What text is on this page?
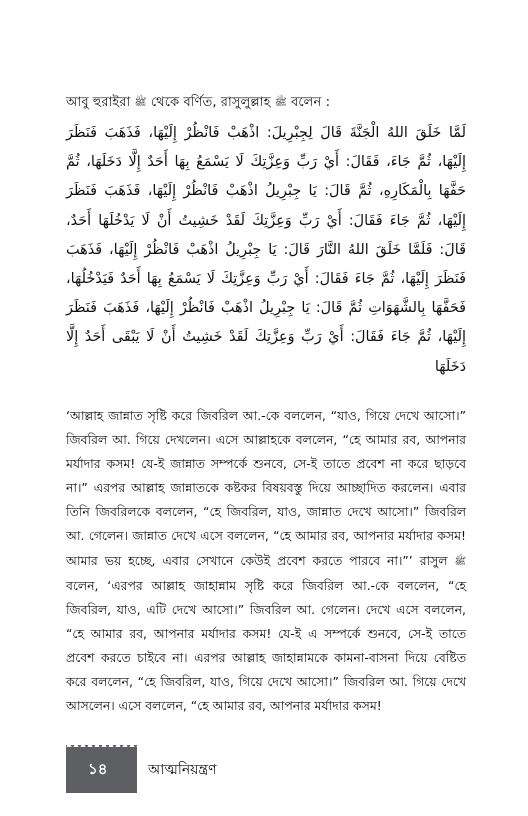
আবু হুরাইরা ﷺ থেকে বর্ণিত, রাসুলুল্লাহ ﷺ বলেন :
لَمَّا خَلَقَ اللهُ الْجَنَّةَ قَالَ لِجِبْرِيلَ: اذْهَبْ فَانْظُرْ إِلَيْهَا، فَذَهَبَ فَنَظَرَ إِلَيْهَا، ثُمَّ جَاءَ، فَقَالَ: أَيْ رَبِّ وَعِزَّتِكَ لَا يَسْمَعُ بِهَا أَحَدٌ إِلَّا دَخَلَهَا، ثُمَّ حَفَّهَا بِالْمَكَارِهِ، ثُمَّ قَالَ: يَا جِبْرِيلُ اذْهَبْ فَانْظُرْ إِلَيْهَا، فَذَهَبَ فَنَظَرَ إِلَيْهَا، ثُمَّ جَاءَ فَقَالَ: أَيْ رَبِّ وَعِزَّتِكَ لَقَدْ خَشِيتُ أَنْ لَا يَدْخُلَهَا أَحَدٌ، قَالَ: فَلَمَّا خَلَقَ اللهُ النَّارَ قَالَ: يَا جِبْرِيلُ اذْهَبْ فَانْظُرْ إِلَيْهَا، فَذَهَبَ فَنَظَرَ إِلَيْهَا، ثُمَّ جَاءَ فَقَالَ: أَيْ رَبِّ وَعِزَّتِكَ لَا يَسْمَعُ بِهَا أَحَدٌ فَيَدْخُلُهَا، فَحَفَّهَا بِالشَّهَوَاتِ ثُمَّ قَالَ: يَا جِبْرِيلُ اذْهَبْ فَانْظُرْ إِلَيْهَا، فَذَهَبَ فَنَظَرَ إِلَيْهَا، ثُمَّ جَاءَ فَقَالَ: أَيْ رَبِّ وَعِزَّتِكَ لَقَدْ خَشِيتُ أَنْ لَا يَبْقَى أَحَدٌ إِلَّا دَخَلَهَا
‘আল্লাহ জান্নাত সৃষ্টি করে জিবরিল আ.-কে বললেন, “যাও, গিয়ে দেখে আসো।” জিবরিল আ. গিয়ে দেখলেন। এসে আল্লাহকে বললেন, “হে আমার রব, আপনার মর্যাদার কসম! যে-ই জান্নাত সম্পর্কে শুনবে, সে-ই তাতে প্রবেশ না করে ছাড়বে না।” এরপর আল্লাহ জান্নাতকে কষ্টকর বিষয়বস্তু দিয়ে আচ্ছাদিত করলেন। এবার তিনি জিবরিলকে বললেন, “হে জিবরিল, যাও, জান্নাত দেখে আসো।” জিবরিল আ. গেলেন। জান্নাত দেখে এসে বললেন, “হে আমার রব, আপনার মর্যাদার কসম! আমার ভয় হচ্ছে, এবার সেখানে কেউই প্রবেশ করতে পারবে না।”’ রাসুল ﷺ বলেন, ‘এরপর আল্লাহ জাহান্নাম সৃষ্টি করে জিবরিল আ.-কে বললেন, “হে জিবরিল, যাও, এটি দেখে আসো।” জিবরিল আ. গেলেন। দেখে এসে বললেন, “হে আমার রব, আপনার মর্যাদার কসম! যে-ই এ সম্পর্কে শুনবে, সে-ই তাতে প্রবেশ করতে চাইবে না। এরপর আল্লাহ জাহান্নামকে কামনা-বাসনা দিয়ে বেষ্টিত করে বললেন, “হে জিবরিল, যাও, গিয়ে দেখে আসো।” জিবরিল আ. গিয়ে দেখে আসলেন। এসে বললেন, “হে আমার রব, আপনার মর্যাদার কসম!
১৪	আত্মনিয়ন্ত্রণ
